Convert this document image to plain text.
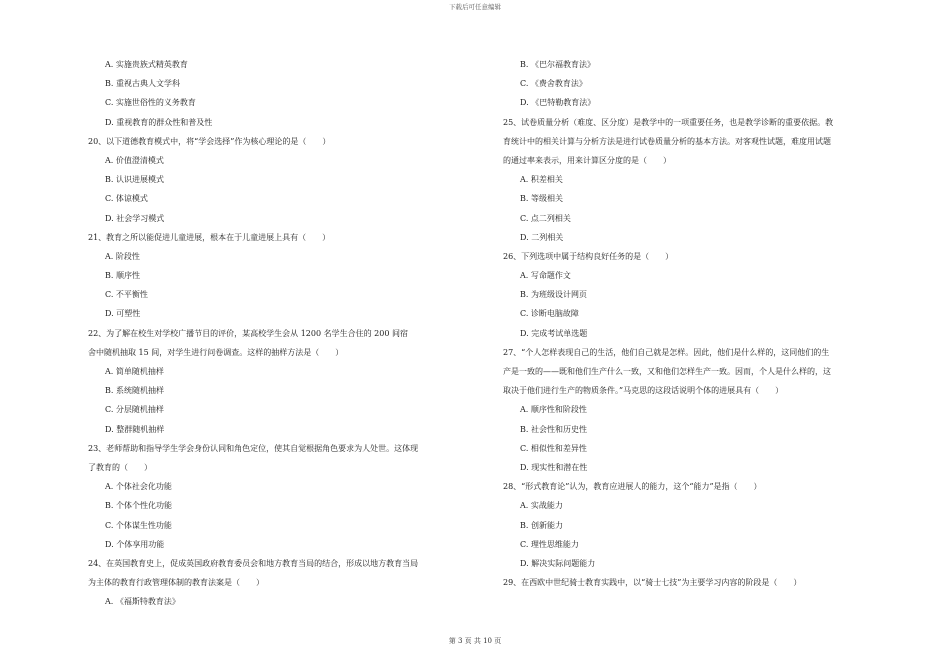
下载后可任意编辑
A. 实施贵族式精英教育
B. 重视古典人文学科
C. 实施世俗性的义务教育
D. 重视教育的群众性和普及性
20、以下道德教育模式中，将“学会选择”作为核心理论的是（　　）
A. 价值澄清模式
B. 认识进展模式
C. 体谅模式
D. 社会学习模式
21、教育之所以能促进儿童进展，根本在于儿童进展上具有（　　）
A. 阶段性
B. 顺序性
C. 不平衡性
D. 可塑性
22、为了解在校生对学校广播节目的评价，某高校学生会从 1200 名学生合住的 200 间宿
舍中随机抽取 15 间，对学生进行问卷调查。这样的抽样方法是（　　）
A. 简单随机抽样
B. 系统随机抽样
C. 分层随机抽样
D. 整群随机抽样
23、老师帮助和指导学生学会身份认同和角色定位，使其自觉根据角色要求为人处世。这体现
了教育的（　　）
A. 个体社会化功能
B. 个体个性化功能
C. 个体谋生性功能
D. 个体享用功能
24、在英国教育史上，促成英国政府教育委员会和地方教育当局的结合，形成以地方教育当局
为主体的教育行政管理体制的教育法案是（　　）
A. 《福斯特教育法》
B. 《巴尔福教育法》
C. 《费舍教育法》
D. 《巴特勒教育法》
25、试卷质量分析（难度、区分度）是教学中的一项重要任务，也是教学诊断的重要依据。教
育统计中的相关计算与分析方法是进行试卷质量分析的基本方法。对客观性试题，难度用试题
的通过率来表示，用来计算区分度的是（　　）
A. 积差相关
B. 等级相关
C. 点二列相关
D. 二列相关
26、下列选项中属于结构良好任务的是（　　）
A. 写命题作文
B. 为班级设计网页
C. 诊断电脑故障
D. 完成考试单选题
27、“个人怎样表现自己的生活，他们自己就是怎样。因此，他们是什么样的，这同他们的生
产是一致的——既和他们生产什么一致，又和他们怎样生产一致。因而，个人是什么样的，这
取决于他们进行生产的物质条件。”马克思的这段话说明个体的进展具有（　　）
A. 顺序性和阶段性
B. 社会性和历史性
C. 相似性和差异性
D. 现实性和潜在性
28、“形式教育论”认为，教育应进展人的能力，这个“能力”是指（　　）
A. 实战能力
B. 创新能力
C. 理性思维能力
D. 解决实际问题能力
29、在西欧中世纪骑士教育实践中，以“骑士七技”为主要学习内容的阶段是（　　）
第 3 页 共 10 页
